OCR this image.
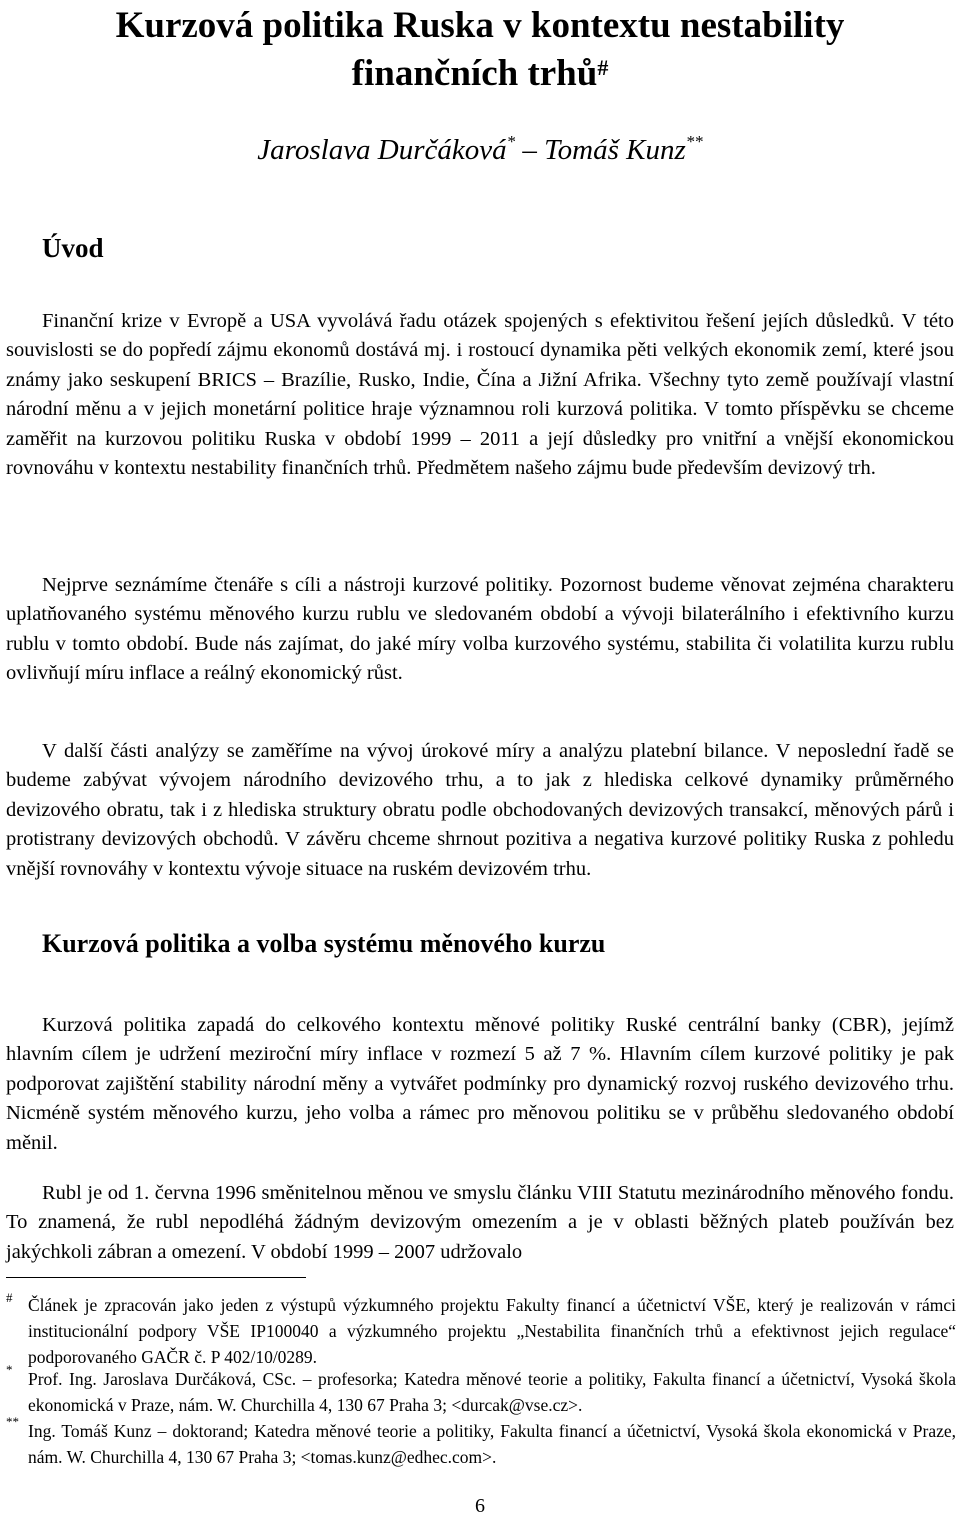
Kurzová politika Ruska v kontextu nestability
finančních trhů#
Jaroslava Durčáková* – Tomáš Kunz**
Úvod

Finanční krize v Evropě a USA vyvolává řadu otázek spojených s efektivitou řešení jejích důsledků. V této souvislosti se do popředí zájmu ekonomů dostává mj. i rostoucí dynamika pěti velkých ekonomik zemí, které jsou známy jako seskupení BRICS – Brazílie, Rusko, Indie, Čína a Jižní Afrika. Všechny tyto země používají vlastní národní měnu a v jejich monetární politice hraje významnou roli kurzová politika. V tomto příspěvku se chceme zaměřit na kurzovou politiku Ruska v období 1999 – 2011 a její důsledky pro vnitřní a vnější ekonomickou rovnováhu v kontextu nestability finančních trhů. Předmětem našeho zájmu bude především devizový trh.

Nejprve seznámíme čtenáře s cíli a nástroji kurzové politiky. Pozornost budeme věnovat zejména charakteru uplatňovaného systému měnového kurzu rublu ve sledovaném období a vývoji bilaterálního i efektivního kurzu rublu v tomto období. Bude nás zajímat, do jaké míry volba kurzového systému, stabilita či volatilita kurzu rublu ovlivňují míru inflace a reálný ekonomický růst.

V další části analýzy se zaměříme na vývoj úrokové míry a analýzu platební bilance. V neposlední řadě se budeme zabývat vývojem národního devizového trhu, a to jak z hlediska celkové dynamiky průměrného devizového obratu, tak i z hlediska struktury obratu podle obchodovaných devizových transakcí, měnových párů i protistrany devizových obchodů. V závěru chceme shrnout pozitiva a negativa kurzové politiky Ruska z pohledu vnější rovnováhy v kontextu vývoje situace na ruském devizovém trhu.

Kurzová politika a volba systému měnového kurzu

Kurzová politika zapadá do celkového kontextu měnové politiky Ruské centrální banky (CBR), jejímž hlavním cílem je udržení meziroční míry inflace v rozmezí 5 až 7 %. Hlavním cílem kurzové politiky je pak podporovat zajištění stability národní měny a vytvářet podmínky pro dynamický rozvoj ruského devizového trhu. Nicméně systém měnového kurzu, jeho volba a rámec pro měnovou politiku se v průběhu sledovaného období měnil.

Rubl je od 1. června 1996 směnitelnou měnou ve smyslu článku VIII Statutu mezinárodního měnového fondu. To znamená, že rubl nepodléhá žádným devizovým omezením a je v oblasti běžných plateb používán bez jakýchkoli zábran a omezení. V období 1999 – 2007 udržovalo

# Článek je zpracován jako jeden z výstupů výzkumného projektu Fakulty financí a účetnictví VŠE, který je realizován v rámci institucionální podpory VŠE IP100040 a výzkumného projektu „Nestabilita finančních trhů a efektivnost jejich regulace“ podporovaného GAČR č. P 402/10/0289.
* Prof. Ing. Jaroslava Durčáková, CSc. – profesorka; Katedra měnové teorie a politiky, Fakulta financí a účetnictví, Vysoká škola ekonomická v Praze, nám. W. Churchilla 4, 130 67 Praha 3; <durcak@vse.cz>.
** Ing. Tomáš Kunz – doktorand; Katedra měnové teorie a politiky, Fakulta financí a účetnictví, Vysoká škola ekonomická v Praze, nám. W. Churchilla 4, 130 67 Praha 3; <tomas.kunz@edhec.com>.
6
